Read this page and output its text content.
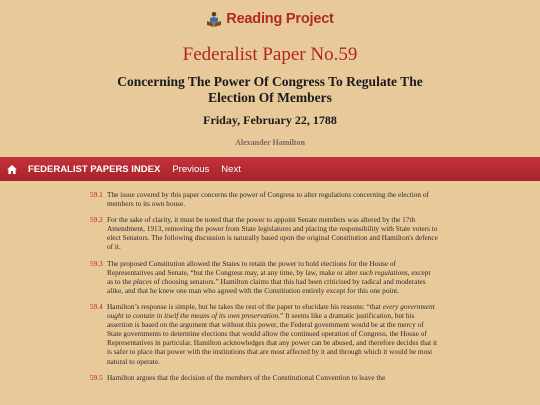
Reading Project
Federalist Paper No.59
Concerning The Power Of Congress To Regulate The Election Of Members
Friday, February 22, 1788
Alexander Hamilton
FEDERALIST PAPERS INDEX	Previous	Next
59.1 The issue covered by this paper concerns the power of Congress to alter regulations concerning the election of members to its own house.
59.2 For the sake of clarity, it must be noted that the power to appoint Senate members was altered by the 17th Amendment, 1913, removing the power from State legislatures and placing the responsibility with State voters to elect Senators. The following discussion is naturally based upon the original Constitution and Hamilton's defence of it.
59.3 The proposed Constitution allowed the States to retain the power to hold elections for the House of Representatives and Senate, “but the Congress may, at any time, by law, make or alter such regulations, except as to the places of choosing senators.” Hamilton claims that this had been criticised by radical and moderates alike, and that he knew one man who agreed with the Constitution entirely except for this one point.
59.4 Hamilton’s response is simple, but he takes the rest of the paper to elucidate his reasons: “that every government ought to contain in itself the means of its own preservation.” It seems like a dramatic justification, but his assertion is based on the argument that without this power, the Federal government would be at the mercy of State governments to determine elections that would allow the continued operation of Congress, the House of Representatives in particular. Hamilton acknowledges that any power can be abused, and therefore decides that it is safer to place that power with the institutions that are most affected by it and through which it would be most natural to operate.
59.5 Hamilton argues that the decision of the members of the Constitutional Convention to leave the
